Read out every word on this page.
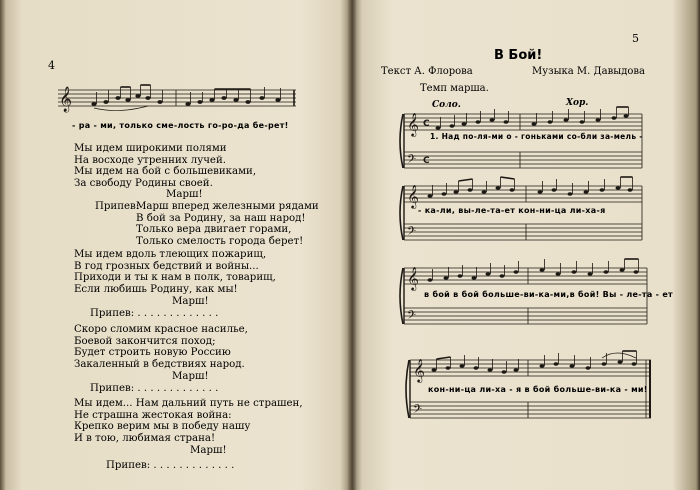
4
𝄞
- ра - ми, только сме-лость го-ро-да бе-рет!
Мы идем широкими полями
На восходе утренних лучей.
Мы идем на бой с большевиками,
За свободу Родины своей.
Марш!
Припев:
Марш вперед железными рядами
В бой за Родину, за наш народ!
Только вера двигает горами,
Только смелость города берет!
Мы идем вдоль тлеющих пожарищ,
В год грозных бедствий и войны...
Приходи и ты к нам в полк, товарищ,
Если любишь Родину, как мы!
Марш!
Припев: . . . . . . . . . . . . .
Скоро сломим красное насилье,
Боевой закончится поход;
Будет строить новую Россию
Закаленный в бедствиях народ.
Марш!
Припев: . . . . . . . . . . . . .
Мы идем... Нам дальний путь не страшен,
Не страшна жестокая война:
Крепко верим мы в победу нашу
И в тою, любимая страна!
Марш!
Припев: . . . . . . . . . . . . .
5
В Бой!
Текст А. Флорова	Музыка М. Давыдова
Темп марша.
Соло.	Хор.
𝄞
𝄢
C
C
1. Над по-ля-ми о - гоньками со-бли за-мель -
𝄞
𝄢
- ка-ли, вы-ле-та-ет кон-ни-ца ли-ха-я
𝄞
𝄢
в бой в бой больше-ви-ка-ми,в бой! Вы - ле-та - ет
𝄞
𝄢
кон-ни-ца ли-ха - я в бой больше-ви-ка - ми!
